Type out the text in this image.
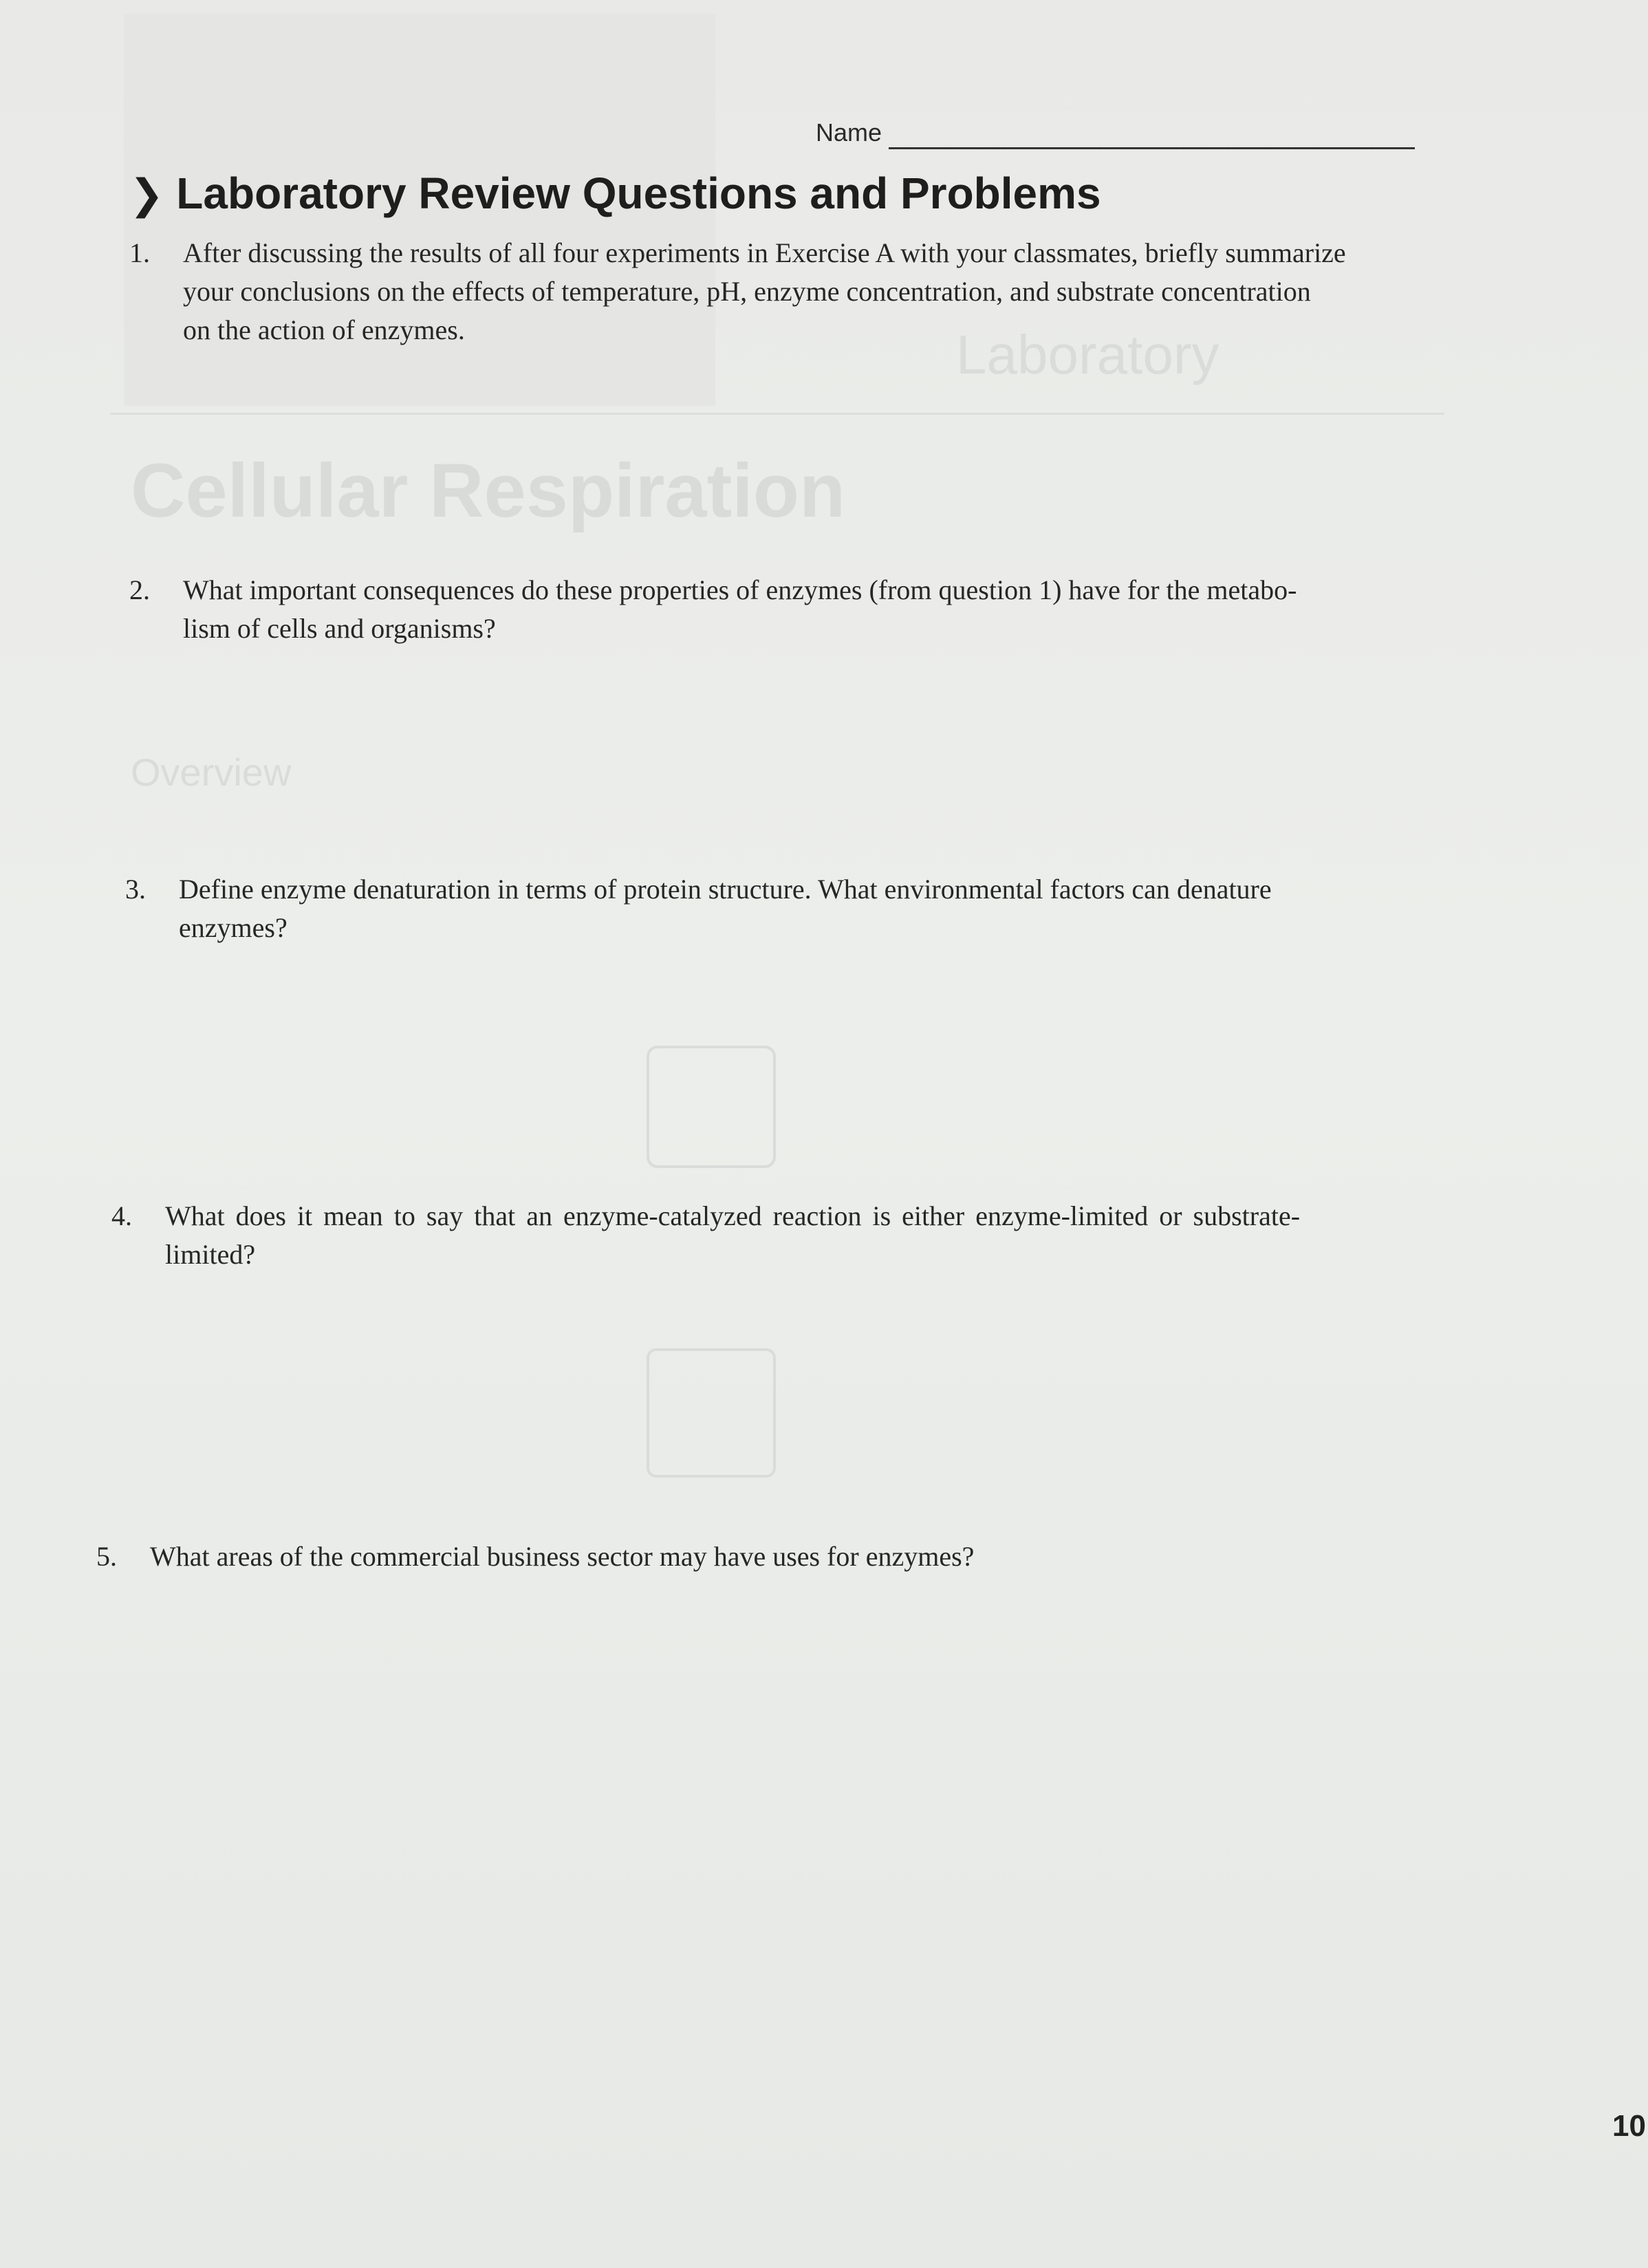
Cellular Respiration
Laboratory
Overview
Name
❯ Laboratory Review Questions and Problems
1. After discussing the results of all four experiments in Exercise A with your classmates, briefly summarize
your conclusions on the effects of temperature, pH, enzyme concentration, and substrate concentration
on the action of enzymes.
2. What important consequences do these properties of enzymes (from question 1) have for the metabo-
lism of cells and organisms?
3. Define enzyme denaturation in terms of protein structure. What environmental factors can denature
enzymes?
4. What does it mean to say that an enzyme-catalyzed reaction is either enzyme-limited or substrate-
limited?
5. What areas of the commercial business sector may have uses for enzymes?
10
